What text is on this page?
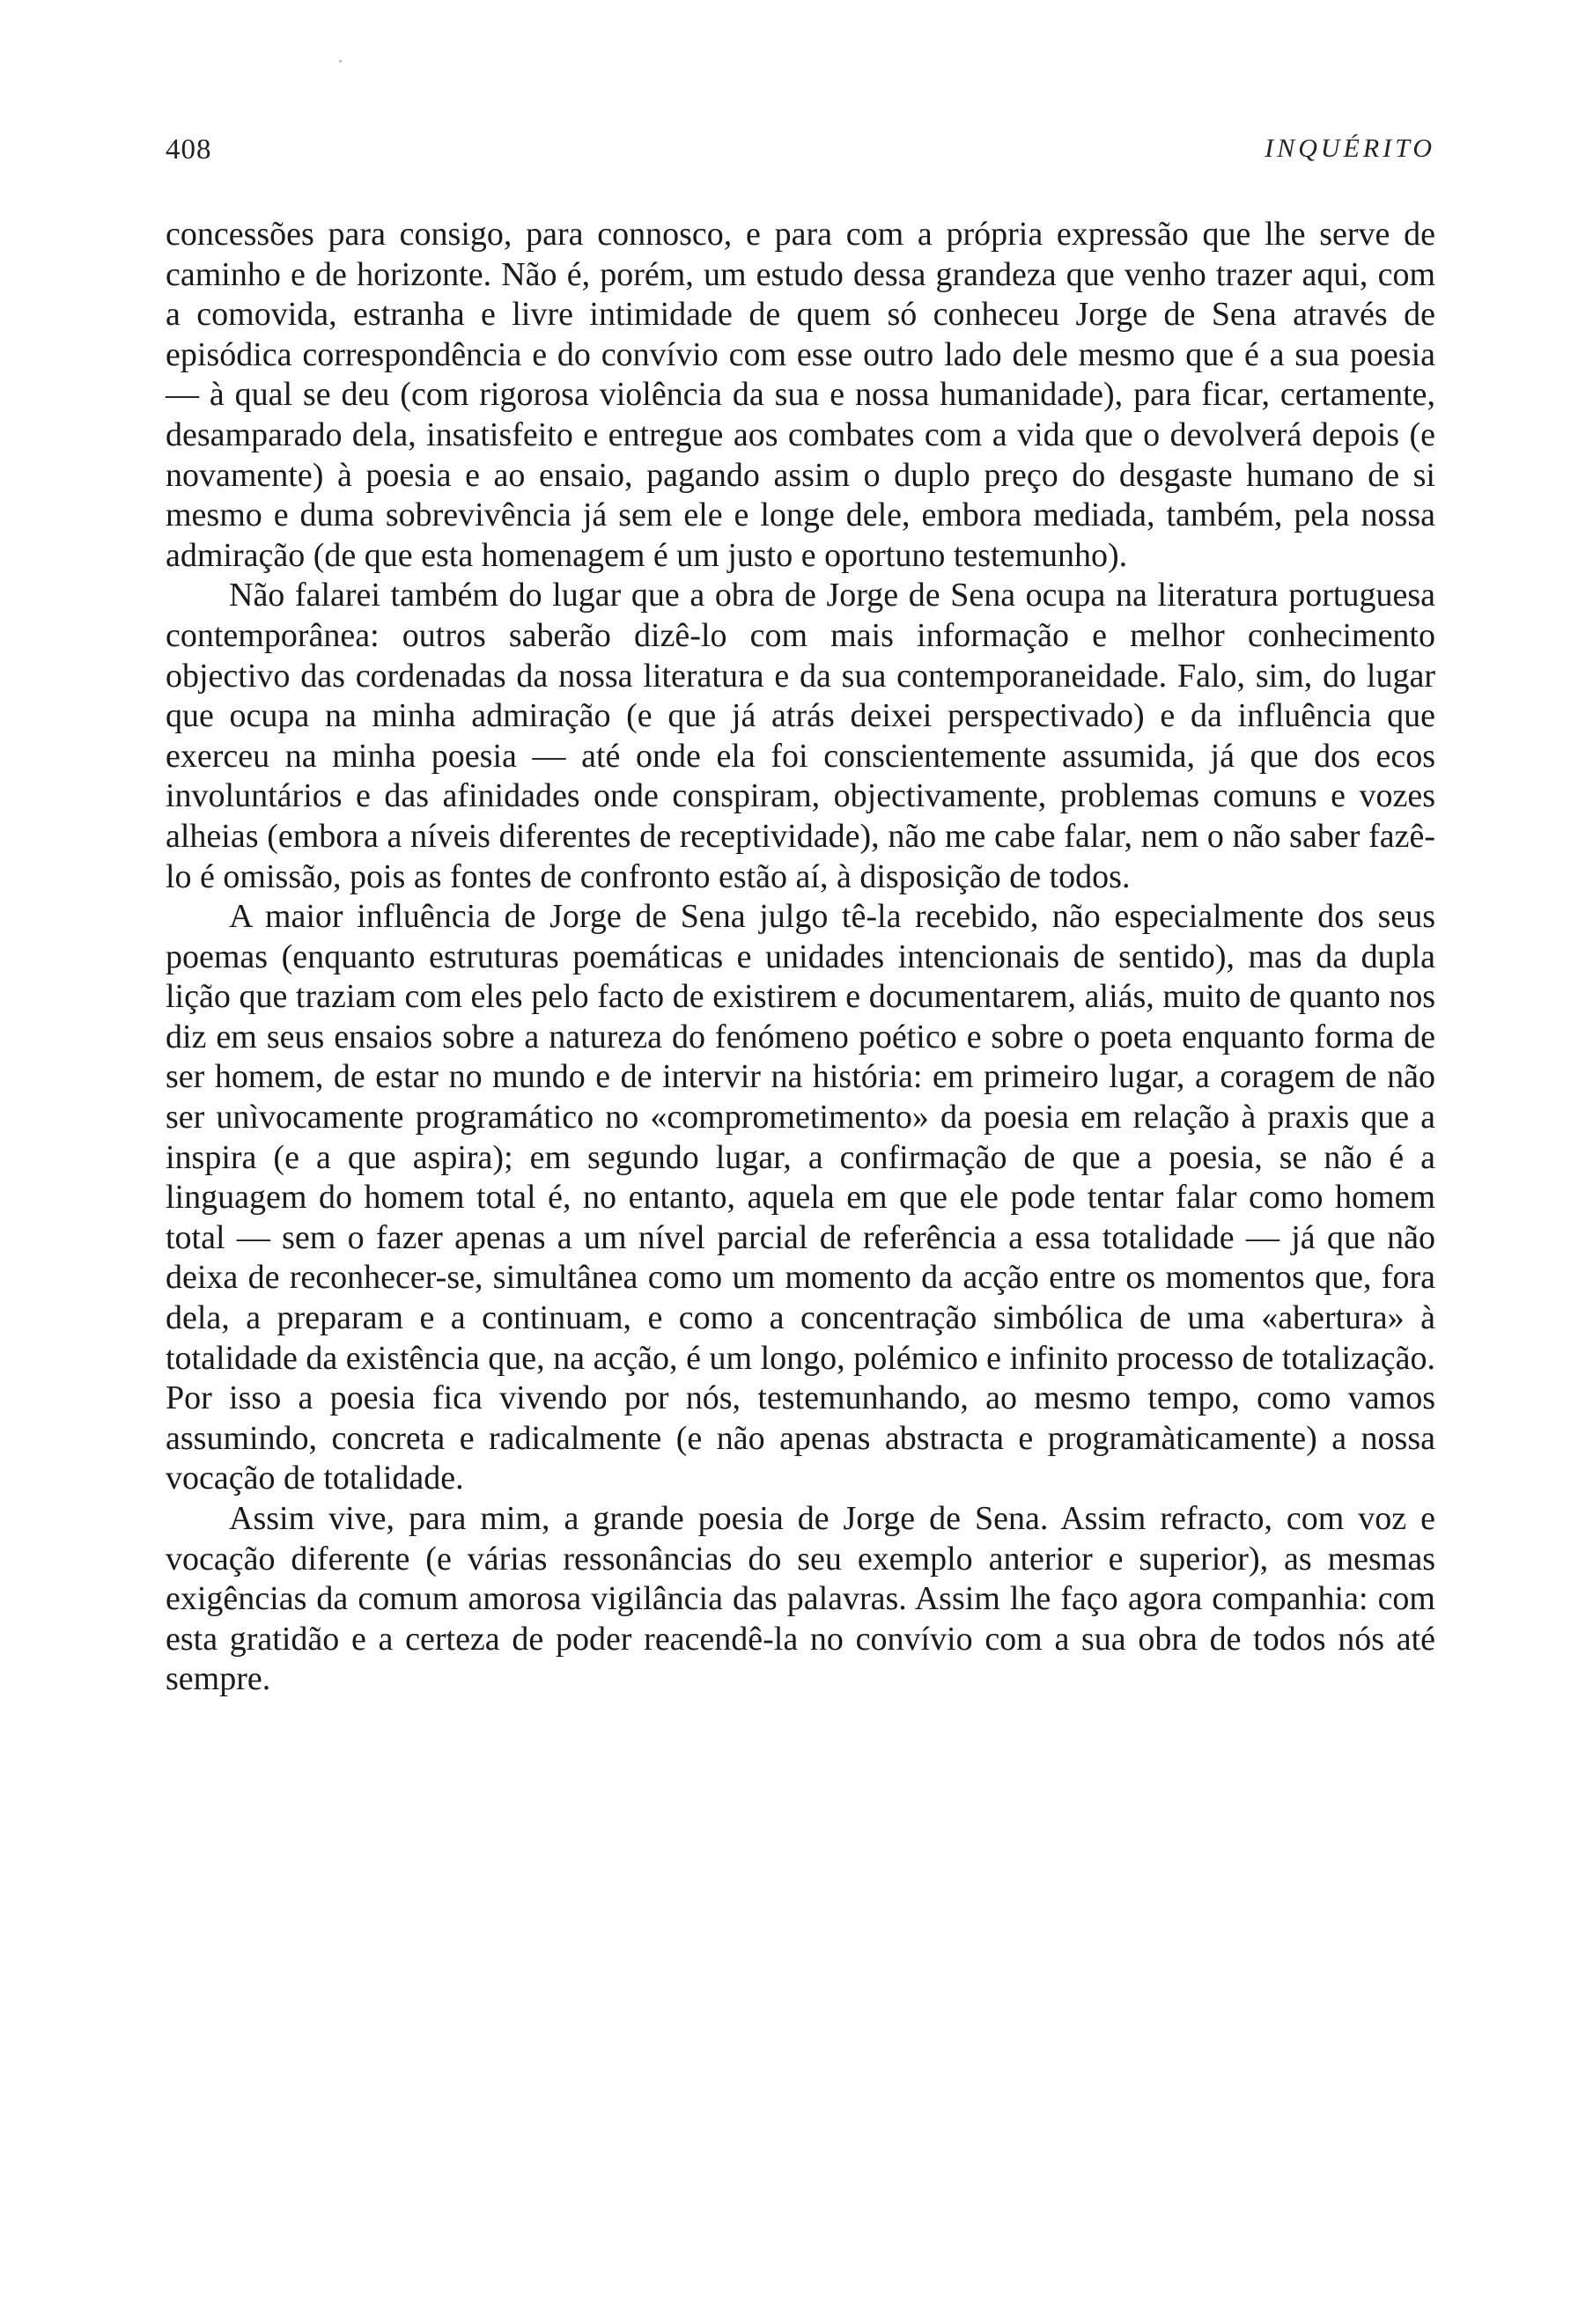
408	INQUÉRITO

concessões para consigo, para connosco, e para com a própria expressão que lhe serve de caminho e de horizonte. Não é, porém, um estudo dessa grandeza que venho trazer aqui, com a comovida, estranha e livre intimidade de quem só conheceu Jorge de Sena através de episódica correspondência e do convívio com esse outro lado dele mesmo que é a sua poesia — à qual se deu (com rigorosa violência da sua e nossa humanidade), para ficar, certamente, desamparado dela, insatisfeito e entregue aos combates com a vida que o devolverá depois (e novamente) à poesia e ao ensaio, pagando assim o duplo preço do desgaste humano de si mesmo e duma sobrevivência já sem ele e longe dele, embora mediada, também, pela nossa admiração (de que esta homenagem é um justo e oportuno testemunho).

Não falarei também do lugar que a obra de Jorge de Sena ocupa na literatura portuguesa contemporânea: outros saberão dizê-lo com mais informação e melhor conhecimento objectivo das cordenadas da nossa literatura e da sua contemporaneidade. Falo, sim, do lugar que ocupa na minha admiração (e que já atrás deixei perspectivado) e da influência que exerceu na minha poesia — até onde ela foi conscientemente assumida, já que dos ecos involuntários e das afinidades onde conspiram, objectivamente, problemas comuns e vozes alheias (embora a níveis diferentes de receptividade), não me cabe falar, nem o não saber fazê-lo é omissão, pois as fontes de confronto estão aí, à disposição de todos.

A maior influência de Jorge de Sena julgo tê-la recebido, não especialmente dos seus poemas (enquanto estruturas poemáticas e unidades intencionais de sentido), mas da dupla lição que traziam com eles pelo facto de existirem e documentarem, aliás, muito de quanto nos diz em seus ensaios sobre a natureza do fenómeno poético e sobre o poeta enquanto forma de ser homem, de estar no mundo e de intervir na história: em primeiro lugar, a coragem de não ser unìvocamente programático no «comprometimento» da poesia em relação à praxis que a inspira (e a que aspira); em segundo lugar, a confirmação de que a poesia, se não é a linguagem do homem total é, no entanto, aquela em que ele pode tentar falar como homem total — sem o fazer apenas a um nível parcial de referência a essa totalidade — já que não deixa de reconhecer-se, simultânea como um momento da acção entre os momentos que, fora dela, a preparam e a continuam, e como a concentração simbólica de uma «abertura» à totalidade da existência que, na acção, é um longo, polémico e infinito processo de totalização. Por isso a poesia fica vivendo por nós, testemunhando, ao mesmo tempo, como vamos assumindo, concreta e radicalmente (e não apenas abstracta e programàticamente) a nossa vocação de totalidade.

Assim vive, para mim, a grande poesia de Jorge de Sena. Assim refracto, com voz e vocação diferente (e várias ressonâncias do seu exemplo anterior e superior), as mesmas exigências da comum amorosa vigilância das palavras. Assim lhe faço agora companhia: com esta gratidão e a certeza de poder reacendê-la no convívio com a sua obra de todos nós até sempre.
